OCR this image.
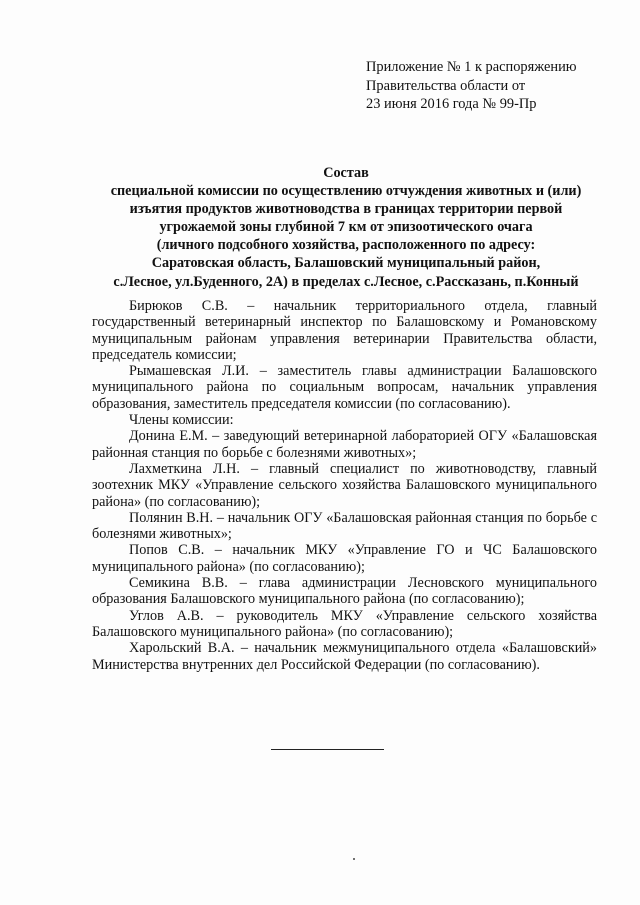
Приложение № 1 к распоряжению
Правительства области от
23 июня 2016 года № 99-Пр
Состав
специальной комиссии по осуществлению отчуждения животных и (или)
изъятия продуктов животноводства в границах территории первой
угрожаемой зоны глубиной 7 км от эпизоотического очага
(личного подсобного хозяйства, расположенного по адресу:
Саратовская область, Балашовский муниципальный район,
с.Лесное, ул.Буденного, 2А) в пределах с.Лесное, с.Рассказань, п.Конный

Бирюков С.В. – начальник территориального отдела, главный государственный ветеринарный инспектор по Балашовскому и Романовскому муниципальным районам управления ветеринарии Правительства области, председатель комиссии;

Рымашевская Л.И. – заместитель главы администрации Балашовского муниципального района по социальным вопросам, начальник управления образования, заместитель председателя комиссии (по согласованию).

Члены комиссии:

Донина Е.М. – заведующий ветеринарной лабораторией ОГУ «Балашовская районная станция по борьбе с болезнями животных»;

Лахметкина Л.Н. – главный специалист по животноводству, главный зоотехник МКУ «Управление сельского хозяйства Балашовского муниципального района» (по согласованию);

Полянин В.Н. – начальник ОГУ «Балашовская районная станция по борьбе с болезнями животных»;

Попов С.В. – начальник МКУ «Управление ГО и ЧС Балашовского муниципального района» (по согласованию);

Семикина В.В. – глава администрации Лесновского муниципального образования Балашовского муниципального района (по согласованию);

Углов А.В. – руководитель МКУ «Управление сельского хозяйства Балашовского муниципального района» (по согласованию);

Харольский В.А. – начальник межмуниципального отдела «Балашовский» Министерства внутренних дел Российской Федерации (по согласованию).
